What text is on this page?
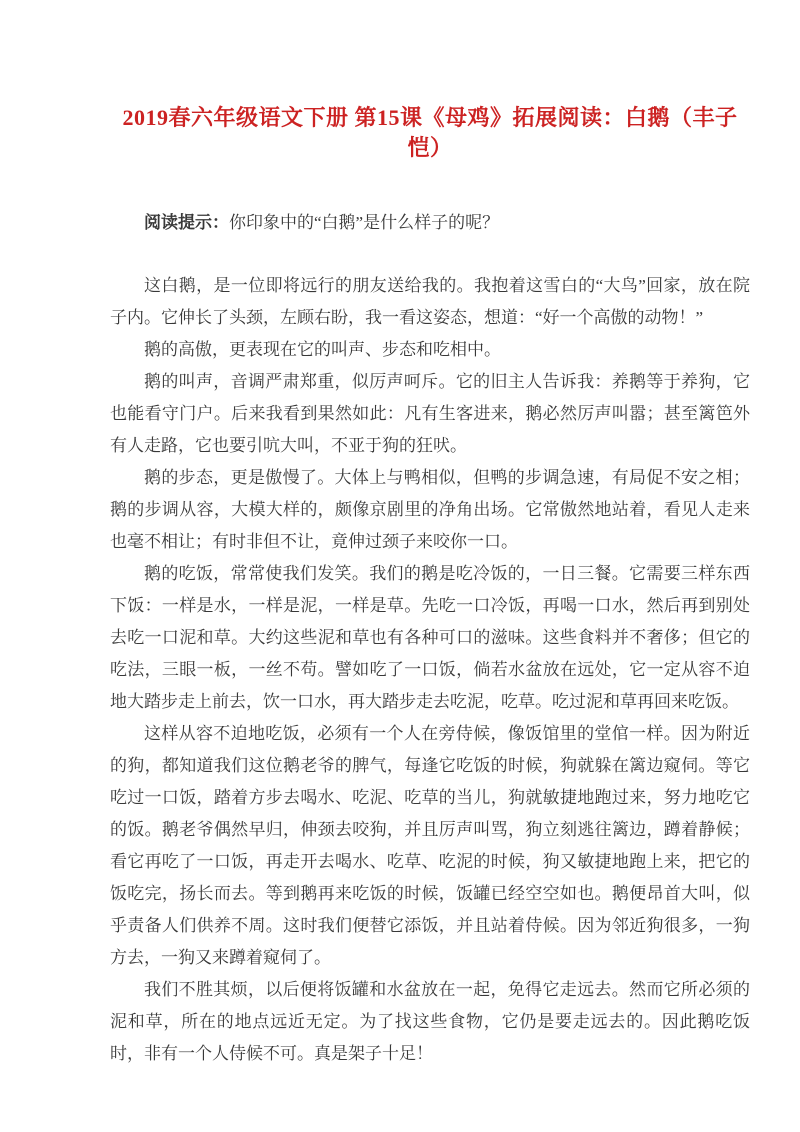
2019春六年级语文下册 第15课《母鸡》拓展阅读：白鹅（丰子恺）

阅读提示：你印象中的“白鹅”是什么样子的呢？

这白鹅，是一位即将远行的朋友送给我的。我抱着这雪白的“大鸟”回家，放在院子内。它伸长了头颈，左顾右盼，我一看这姿态，想道：“好一个高傲的动物！”

鹅的高傲，更表现在它的叫声、步态和吃相中。

鹅的叫声，音调严肃郑重，似厉声呵斥。它的旧主人告诉我：养鹅等于养狗，它也能看守门户。后来我看到果然如此：凡有生客进来，鹅必然厉声叫嚣；甚至篱笆外有人走路，它也要引吭大叫，不亚于狗的狂吠。

鹅的步态，更是傲慢了。大体上与鸭相似，但鸭的步调急速，有局促不安之相；鹅的步调从容，大模大样的，颇像京剧里的净角出场。它常傲然地站着，看见人走来也毫不相让；有时非但不让，竟伸过颈子来咬你一口。

鹅的吃饭，常常使我们发笑。我们的鹅是吃冷饭的，一日三餐。它需要三样东西下饭：一样是水，一样是泥，一样是草。先吃一口冷饭，再喝一口水，然后再到别处去吃一口泥和草。大约这些泥和草也有各种可口的滋味。这些食料并不奢侈；但它的吃法，三眼一板，一丝不苟。譬如吃了一口饭，倘若水盆放在远处，它一定从容不迫地大踏步走上前去，饮一口水，再大踏步走去吃泥，吃草。吃过泥和草再回来吃饭。

这样从容不迫地吃饭，必须有一个人在旁侍候，像饭馆里的堂倌一样。因为附近的狗，都知道我们这位鹅老爷的脾气，每逢它吃饭的时候，狗就躲在篱边窥伺。等它吃过一口饭，踏着方步去喝水、吃泥、吃草的当儿，狗就敏捷地跑过来，努力地吃它的饭。鹅老爷偶然早归，伸颈去咬狗，并且厉声叫骂，狗立刻逃往篱边，蹲着静候；看它再吃了一口饭，再走开去喝水、吃草、吃泥的时候，狗又敏捷地跑上来，把它的饭吃完，扬长而去。等到鹅再来吃饭的时候，饭罐已经空空如也。鹅便昂首大叫，似乎责备人们供养不周。这时我们便替它添饭，并且站着侍候。因为邻近狗很多，一狗方去，一狗又来蹲着窥伺了。

我们不胜其烦，以后便将饭罐和水盆放在一起，免得它走远去。然而它所必须的泥和草，所在的地点远近无定。为了找这些食物，它仍是要走远去的。因此鹅吃饭时，非有一个人侍候不可。真是架子十足！
